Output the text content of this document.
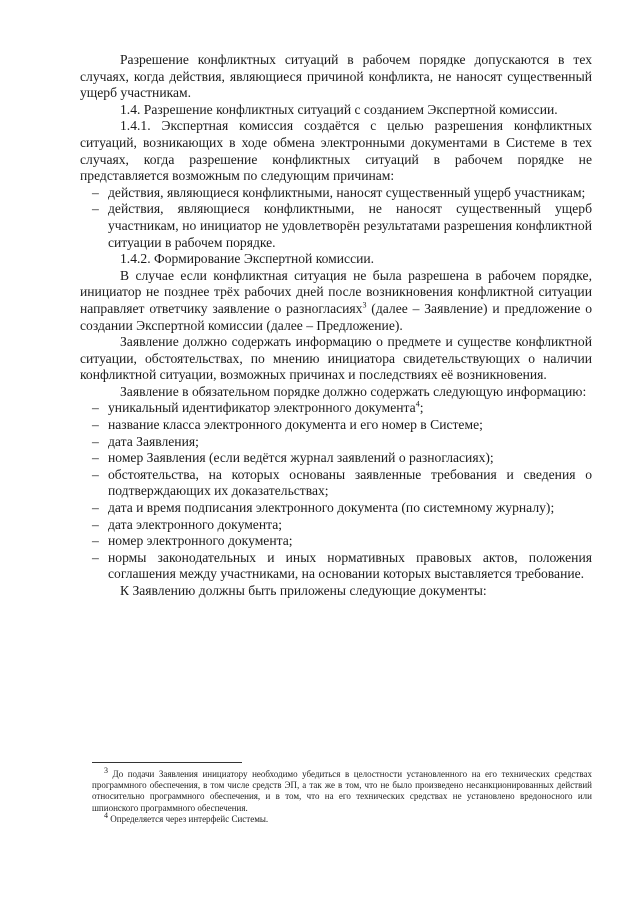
Разрешение конфликтных ситуаций в рабочем порядке допускаются в тех случаях, когда действия, являющиеся причиной конфликта, не наносят существенный ущерб участникам.

1.4. Разрешение конфликтных ситуаций с созданием Экспертной комиссии.

1.4.1. Экспертная комиссия создаётся с целью разрешения конфликтных ситуаций, возникающих в ходе обмена электронными документами в Системе в тех случаях, когда разрешение конфликтных ситуаций в рабочем порядке не представляется возможным по следующим причинам:

– действия, являющиеся конфликтными, наносят существенный ущерб участникам;
– действия, являющиеся конфликтными, не наносят существенный ущерб участникам, но инициатор не удовлетворён результатами разрешения конфликтной ситуации в рабочем порядке.

1.4.2. Формирование Экспертной комиссии.

В случае если конфликтная ситуация не была разрешена в рабочем порядке, инициатор не позднее трёх рабочих дней после возникновения конфликтной ситуации направляет ответчику заявление о разногласиях$^3$ (далее – Заявление) и предложение о создании Экспертной комиссии (далее – Предложение).

Заявление должно содержать информацию о предмете и существе конфликтной ситуации, обстоятельствах, по мнению инициатора свидетельствующих о наличии конфликтной ситуации, возможных причинах и последствиях её возникновения.

Заявление в обязательном порядке должно содержать следующую информацию:

– уникальный идентификатор электронного документа$^4$;
– название класса электронного документа и его номер в Системе;
– дата Заявления;
– номер Заявления (если ведётся журнал заявлений о разногласиях);
– обстоятельства, на которых основаны заявленные требования и сведения о подтверждающих их доказательствах;
– дата и время подписания электронного документа (по системному журналу);
– дата электронного документа;
– номер электронного документа;
– нормы законодательных и иных нормативных правовых актов, положения соглашения между участниками, на основании которых выставляется требование.

К Заявлению должны быть приложены следующие документы:

$^3$ До подачи Заявления инициатору необходимо убедиться в целостности установленного на его технических средствах программного обеспечения, в том числе средств ЭП, а так же в том, что не было произведено несанкционированных действий относительно программного обеспечения, и в том, что на его технических средствах не установлено вредоносного или шпионского программного обеспечения.

$^4$ Определяется через интерфейс Системы.
